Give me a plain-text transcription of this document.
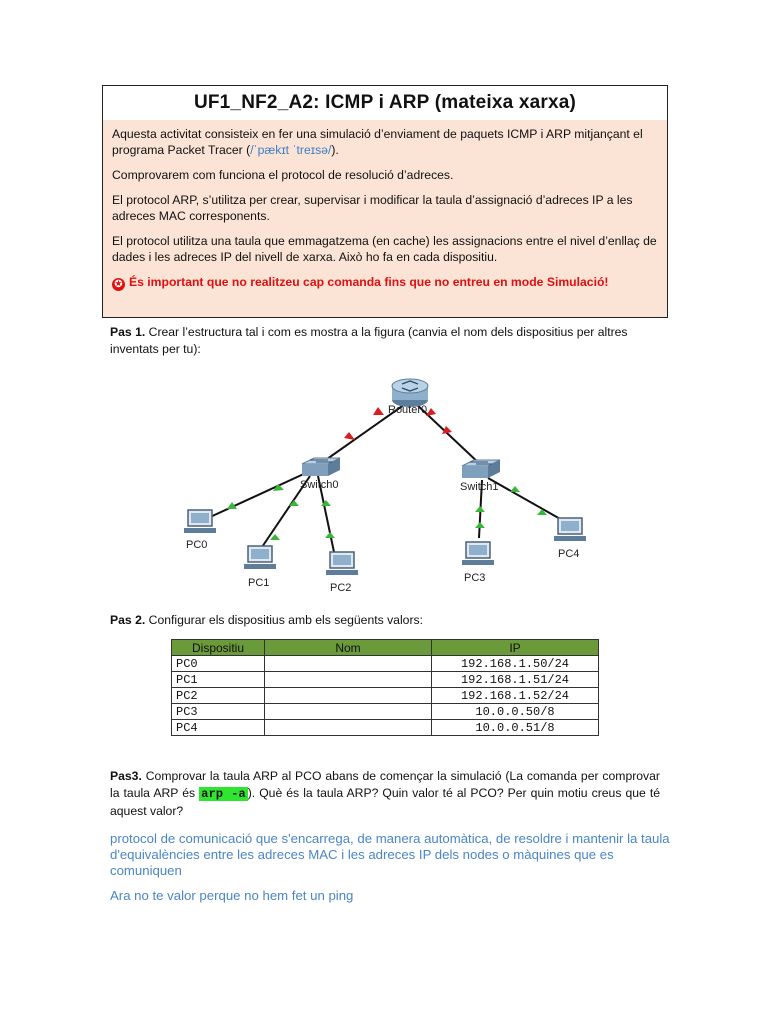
UF1_NF2_A2: ICMP i ARP (mateixa xarxa)

Aquesta activitat consisteix en fer una simulació d’enviament de paquets ICMP i ARP mitjançant el programa Packet Tracer (/ˈpækɪt ˈtreɪsə/).

Comprovarem com funciona el protocol de resolució d’adreces.

El protocol ARP, s’utilitza per crear, supervisar i modificar la taula d’assignació d’adreces IP a les adreces MAC corresponents.

El protocol utilitza una taula que emmagatzema (en cache) les assignacions entre el nivel d’enllaç de dades i les adreces IP del nivell de xarxa. Això ho fa en cada dispositiu.

✪ És important que no realitzeu cap comanda fins que no entreu en mode Simulació!

Pas 1. Crear l’estructura tal i com es mostra a la figura (canvia el nom dels dispositius per altres inventats per tu):
Router0
Switch0	Switch1
PC0
PC1	PC2
PC3
PC4
Pas 2. Configurar els dispositius amb els següents valors:
Dispositiu	Nom	IP
PC0		192.168.1.50/24
PC1		192.168.1.51/24
PC2		192.168.1.52/24
PC3		10.0.0.50/8
PC4		10.0.0.51/8
Pas3. Comprovar la taula ARP al PCO abans de començar la simulació (La comanda per comprovar la taula ARP és arp -a ). Què és la taula ARP? Quin valor té al PCO? Per quin motiu creus que té aquest valor?
protocol de comunicació que s'encarrega, de manera automàtica, de resoldre i mantenir la taula d'equivalències entre les adreces MAC i les adreces IP dels nodes o màquines que es comuniquen
Ara no te valor perque no hem fet un ping
